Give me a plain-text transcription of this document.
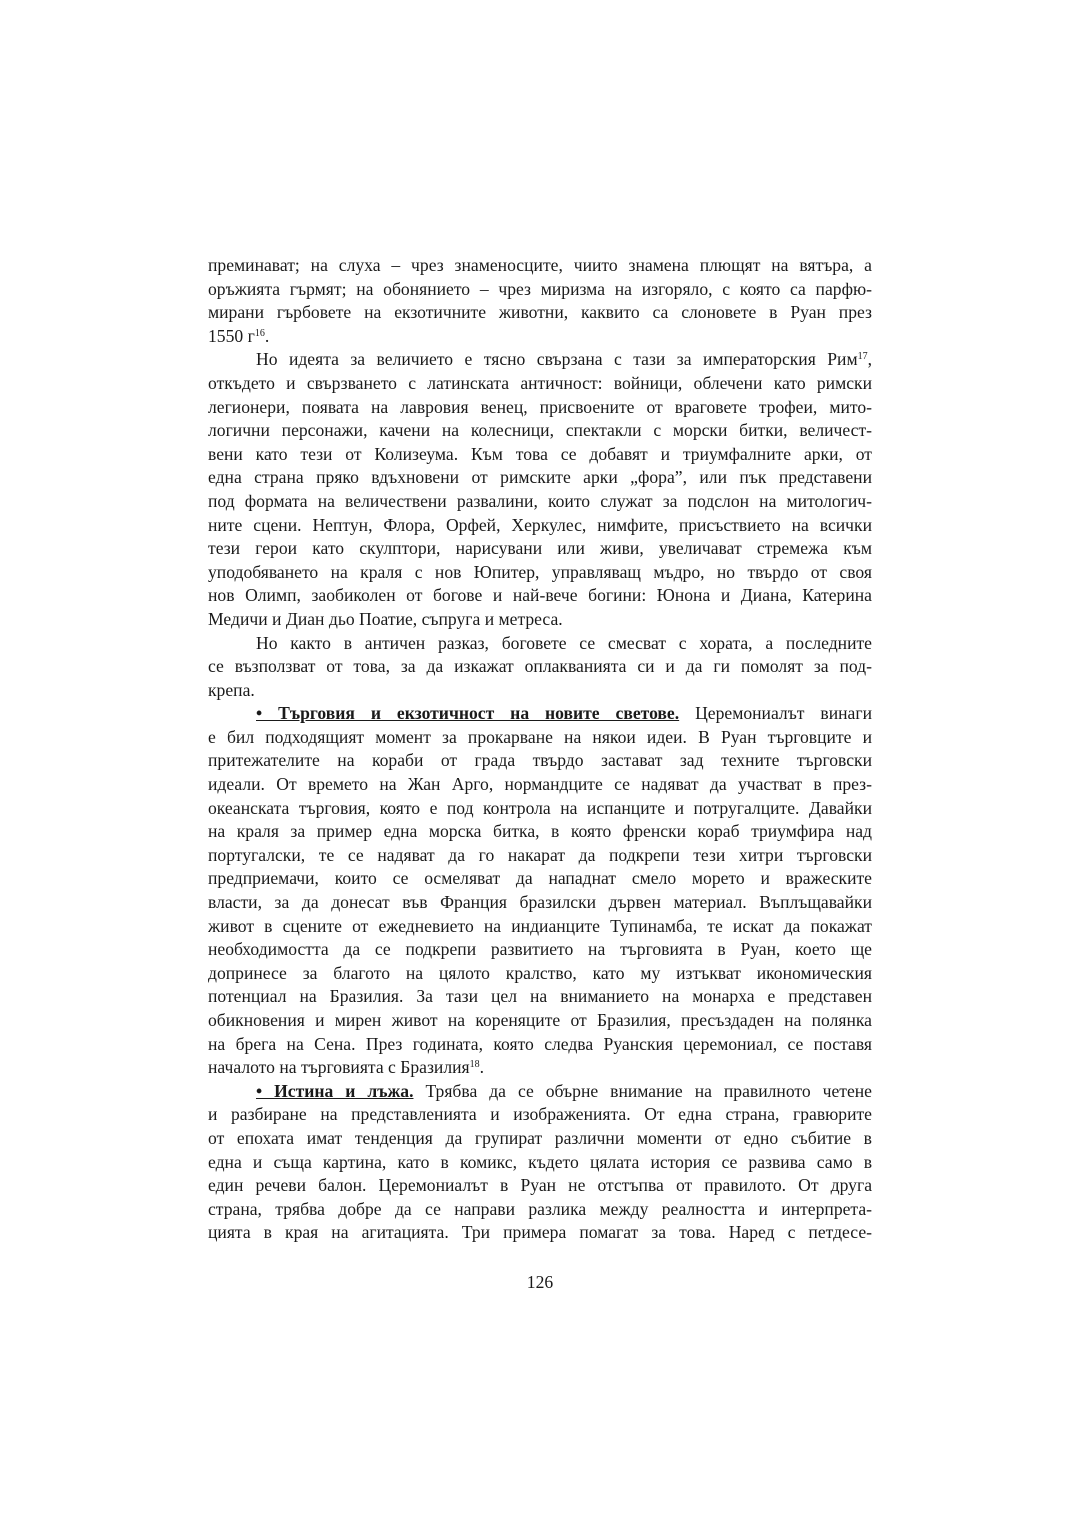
преминават; на слуха – чрез знаменосците, чиито знамена плющят на вятъра, а
оръжията гърмят; на обонянието – чрез миризма на изгоряло, с която са парфю-
мирани гърбовете на екзотичните животни, каквито са слоновете в Руан през
1550 $г^{16}$.
Но идеята за величието е тясно свързана с тази за императорския Рим$^{17}$,
откъдето и свързването с латинската античност: войници, облечени като римски
легионери, появата на лавровия венец, присвоените от враговете трофеи, мито-
логични персонажи, качени на колесници, спектакли с морски битки, величест-
вени като тези от Колизеума. Към това се добавят и триумфалните арки, от
една страна пряко вдъхновени от римските арки „фора”, или пък представени
под формата на величествени развалини, които служат за подслон на митологич-
ните сцени. Нептун, Флора, Орфей, Херкулес, нимфите, присъствието на всички
тези герои като скулптори, нарисувани или живи, увеличават стремежа към
уподобяването на краля с нов Юпитер, управляващ мъдро, но твърдо от своя
нов Олимп, заобиколен от богове и най-вече богини: Юнона и Диана, Катерина
Медичи и Диан дьо Поатие, съпруга и метреса.
Но както в античен разказ, боговете се смесват с хората, а последните
се възползват от това, за да изкажат оплакванията си и да ги помолят за под-
крепа.
• Търговия и екзотичност на новите светове. Церемониалът винаги
е бил подходящият момент за прокарване на някои идеи. В Руан търговците и
притежателите на кораби от града твърдо застават зад техните търговски
идеали. От времето на Жан Арго, нормандците се надяват да участват в през-
океанската търговия, която е под контрола на испанците и потругалците. Давайки
на краля за пример една морска битка, в която френски кораб триумфира над
португалски, те се надяват да го накарат да подкрепи тези хитри търговски
предприемачи, които се осмеляват да нападнат смело морето и вражеските
власти, за да донесат във Франция бразилски дървен материал. Въплъщавайки
живот в сцените от ежедневието на индианците Тупинамба, те искат да покажат
необходимостта да се подкрепи развитието на търговията в Руан, което ще
допринесе за благото на цялото кралство, като му изтъкват икономическия
потенциал на Бразилия. За тази цел на вниманието на монарха е представен
обикновения и мирен живот на кореняците от Бразилия, пресъздаден на полянка
на брега на Сена. През годината, която следва Руанския церемониал, се поставя
началото на търговията с Бразилия$^{18}$.
• Истина и лъжа. Трябва да се обърне внимание на правилното четене
и разбиране на представленията и изображенията. От една страна, гравюрите
от епохата имат тенденция да групират различни моменти от едно събитие в
една и съща картина, като в комикс, където цялата история се развива само в
един речеви балон. Церемониалът в Руан не отстъпва от правилото. От друга
страна, трябва добре да се направи разлика между реалността и интерпрета-
цията в края на агитацията. Три примера помагат за това. Наред с петдесе-
126
